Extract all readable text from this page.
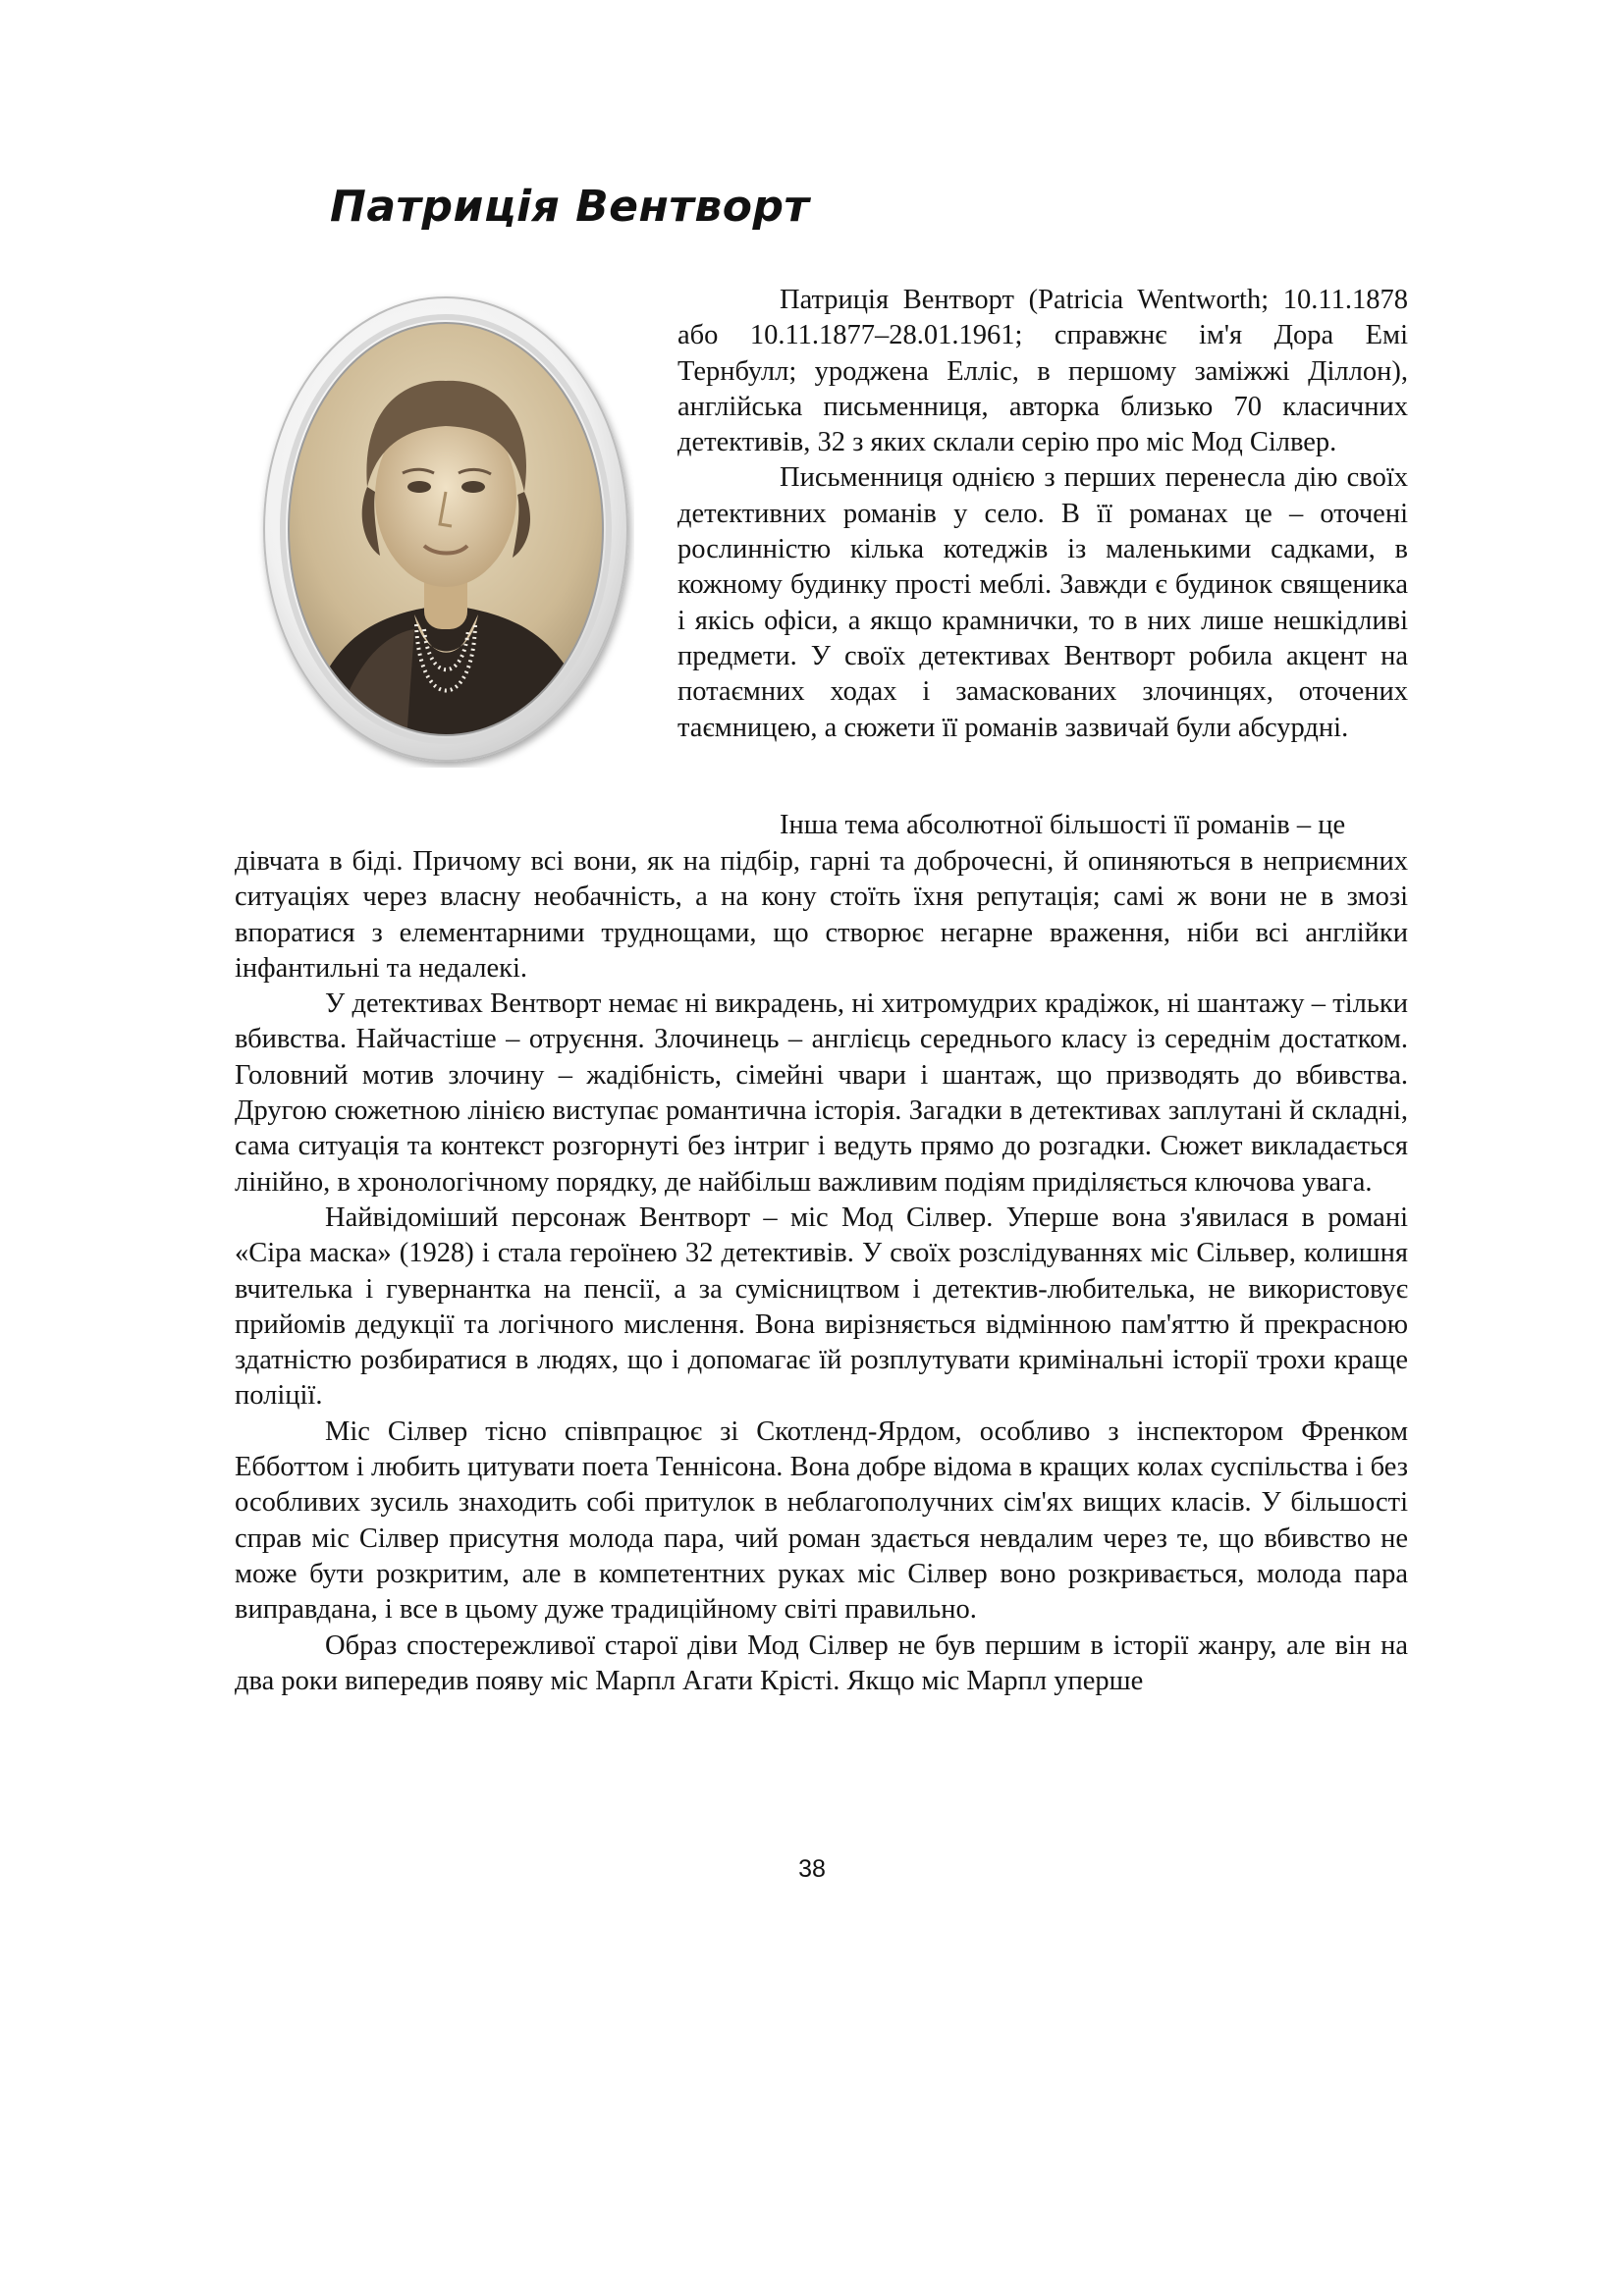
Патриція Вентворт

Патриція Вентворт (Patricia Wentworth; 10.11.1878 або 10.11.1877–28.01.1961; справжнє ім'я Дора Емі Тернбулл; уроджена Елліс, в першому заміжжі Діллон), англійська письменниця, авторка близько 70 класичних детективів, 32 з яких склали серію про міс Мод Сілвер.

Письменниця однією з перших перенесла дію своїх детективних романів у село. В її романах це – оточені рослинністю кілька котеджів із маленькими садками, в кожному будинку прості меблі. Завжди є будинок священика і якісь офіси, а якщо крамнички, то в них лише нешкідливі предмети. У своїх детективах Вентворт робила акцент на потаємних ходах і замаскованих злочинцях, оточених таємницею, а сюжети її романів зазвичай були абсурдні.

Інша тема абсолютної більшості її романів – це

дівчата в біді. Причому всі вони, як на підбір, гарні та доброчесні, й опиняються в неприємних ситуаціях через власну необачність, а на кону стоїть їхня репутація; самі ж вони не в змозі впоратися з елементарними труднощами, що створює негарне враження, ніби всі англійки інфантильні та недалекі.

У детективах Вентворт немає ні викрадень, ні хитромудрих крадіжок, ні шантажу – тільки вбивства. Найчастіше – отруєння. Злочинець – англієць середнього класу із середнім достатком. Головний мотив злочину – жадібність, сімейні чвари і шантаж, що призводять до вбивства. Другою сюжетною лінією виступає романтична історія. Загадки в детективах заплутані й складні, сама ситуація та контекст розгорнуті без інтриг і ведуть прямо до розгадки. Сюжет викладається лінійно, в хронологічному порядку, де найбільш важливим подіям приділяється ключова увага.

Найвідоміший персонаж Вентворт – міс Мод Сілвер. Уперше вона з'явилася в романі «Сіра маска» (1928) і стала героїнею 32 детективів. У своїх розслідуваннях міс Сільвер, колишня вчителька і гувернантка на пенсії, а за сумісництвом і детектив-любителька, не використовує прийомів дедукції та логічного мислення. Вона вирізняється відмінною пам'яттю й прекрасною здатністю розбиратися в людях, що і допомагає їй розплутувати кримінальні історії трохи краще поліції.

Міс Сілвер тісно співпрацює зі Скотленд-Ярдом, особливо з інспектором Френком Ебботтом і любить цитувати поета Теннісона. Вона добре відома в кращих колах суспільства і без особливих зусиль знаходить собі притулок в неблагополучних сім'ях вищих класів. У більшості справ міс Сілвер присутня молода пара, чий роман здається невдалим через те, що вбивство не може бути розкритим, але в компетентних руках міс Сілвер воно розкривається, молода пара виправдана, і все в цьому дуже традиційному світі правильно.

Образ спостережливої старої діви Мод Сілвер не був першим в історії жанру, але він на два роки випередив появу міс Марпл Агати Крісті. Якщо міс Марпл уперше

38
